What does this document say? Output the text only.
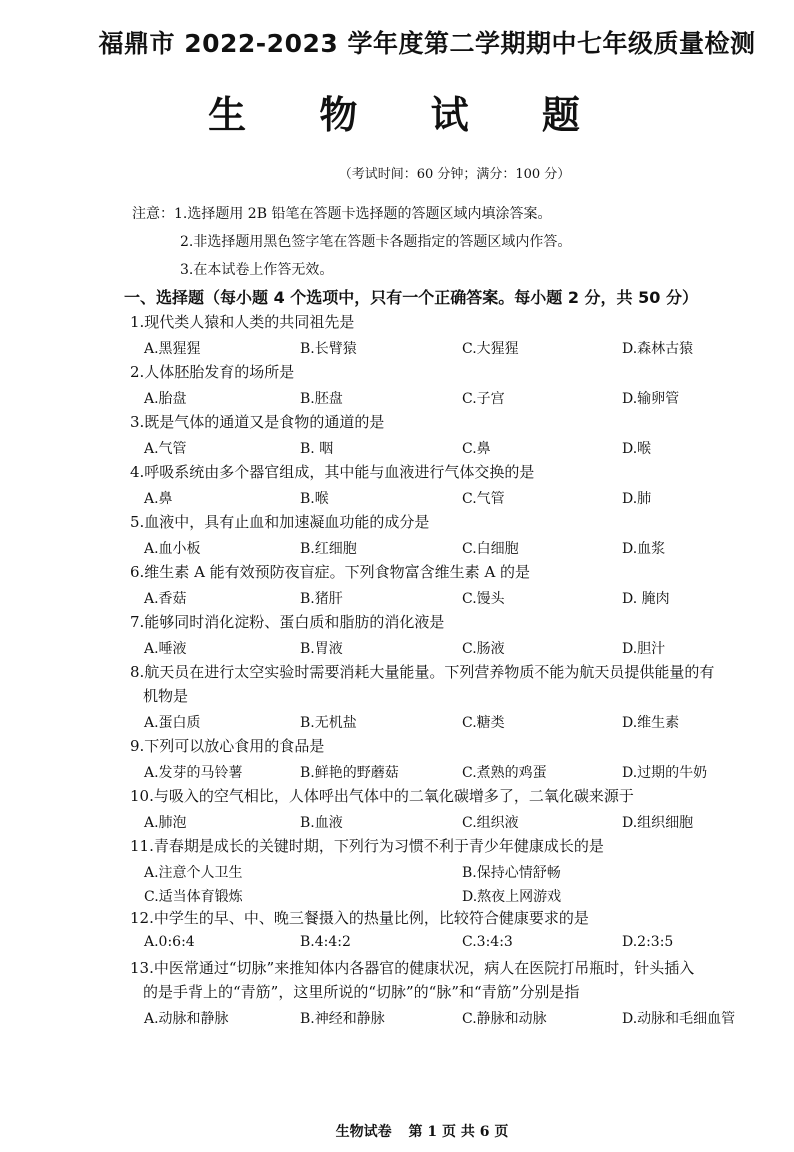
福鼎市 2022-2023 学年度第二学期期中七年级质量检测
生 物 试 题
（考试时间：60 分钟；满分：100 分）
注意：1.选择题用 2B 铅笔在答题卡选择题的答题区域内填涂答案。
2.非选择题用黑色签字笔在答题卡各题指定的答题区域内作答。
3.在本试卷上作答无效。
一、选择题（每小题 4 个选项中，只有一个正确答案。每小题 2 分，共 50 分）
1.现代类人猿和人类的共同祖先是
A.黑猩猩	B.长臂猿	C.大猩猩	D.森林古猿
2.人体胚胎发育的场所是
A.胎盘	B.胚盘	C.子宫	D.输卵管
3.既是气体的通道又是食物的通道的是
A.气管	B. 咽	C.鼻	D.喉
4.呼吸系统由多个器官组成，其中能与血液进行气体交换的是
A.鼻	B.喉	C.气管	D.肺
5.血液中，具有止血和加速凝血功能的成分是
A.血小板	B.红细胞	C.白细胞	D.血浆
6.维生素 A 能有效预防夜盲症。下列食物富含维生素 A 的是
A.香菇	B.猪肝	C.馒头	D. 腌肉
7.能够同时消化淀粉、蛋白质和脂肪的消化液是
A.唾液	B.胃液	C.肠液	D.胆汁
8.航天员在进行太空实验时需要消耗大量能量。下列营养物质不能为航天员提供能量的有
机物是
A.蛋白质	B.无机盐	C.糖类	D.维生素
9.下列可以放心食用的食品是
A.发芽的马铃薯	B.鲜艳的野蘑菇	C.煮熟的鸡蛋	D.过期的牛奶
10.与吸入的空气相比，人体呼出气体中的二氧化碳增多了，二氧化碳来源于
A.肺泡	B.血液	C.组织液	D.组织细胞
11.青春期是成长的关键时期，下列行为习惯不利于青少年健康成长的是
A.注意个人卫生	B.保持心情舒畅
C.适当体育锻炼	D.熬夜上网游戏
12.中学生的早、中、晚三餐摄入的热量比例，比较符合健康要求的是
A.0:6:4	B.4:4:2	C.3:4:3	D.2:3:5
13.中医常通过“切脉”来推知体内各器官的健康状况，病人在医院打吊瓶时，针头插入
的是手背上的“青筋”，这里所说的“切脉”的“脉”和“青筋”分别是指
A.动脉和静脉	B.神经和静脉	C.静脉和动脉	D.动脉和毛细血管
生物试卷 第 1 页 共 6 页
